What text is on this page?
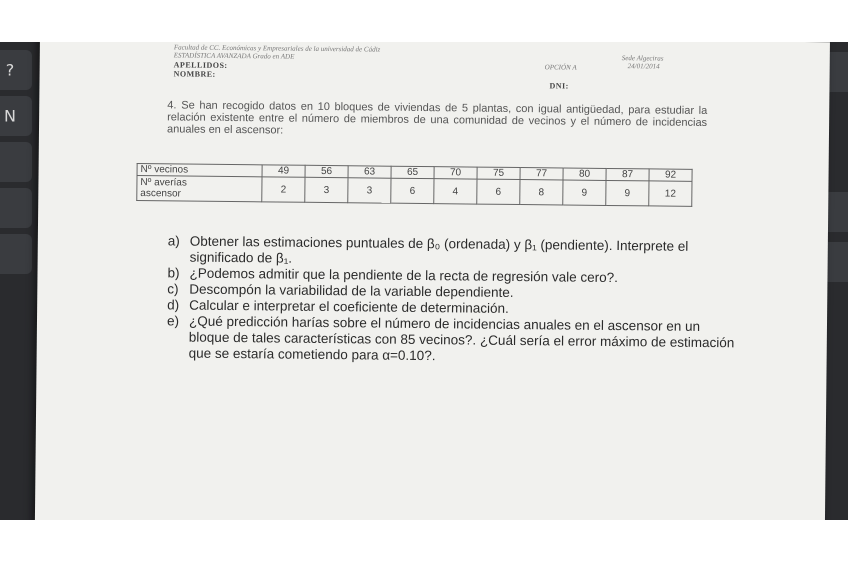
?
N
Facultad de CC. Económicas y Empresariales de la universidad de Cádiz
ESTADÍSTICA AVANZADA Grado en ADE
APELLIDOS:
NOMBRE:
OPCIÓN A
Sede Algeciras
24/01/2014
DNI:
4. Se han recogido datos en 10 bloques de viviendas de 5 plantas, con igual antigüedad, para estudiar la relación existente entre el número de miembros de una comunidad de vecinos y el número de incidencias anuales en el ascensor:
Nº vecinos	49	56	63	65	70	75	77	80	87	92
Nº averías
ascensor	2	3	3	6	4	6	8	9	9	12
a) Obtener las estimaciones puntuales de β₀ (ordenada) y β₁ (pendiente). Interprete el significado de β₁.
b) ¿Podemos admitir que la pendiente de la recta de regresión vale cero?.
c) Descompón la variabilidad de la variable dependiente.
d) Calcular e interpretar el coeficiente de determinación.
e) ¿Qué predicción harías sobre el número de incidencias anuales en el ascensor en un bloque de tales características con 85 vecinos?. ¿Cuál sería el error máximo de estimación que se estaría cometiendo para α=0.10?.
